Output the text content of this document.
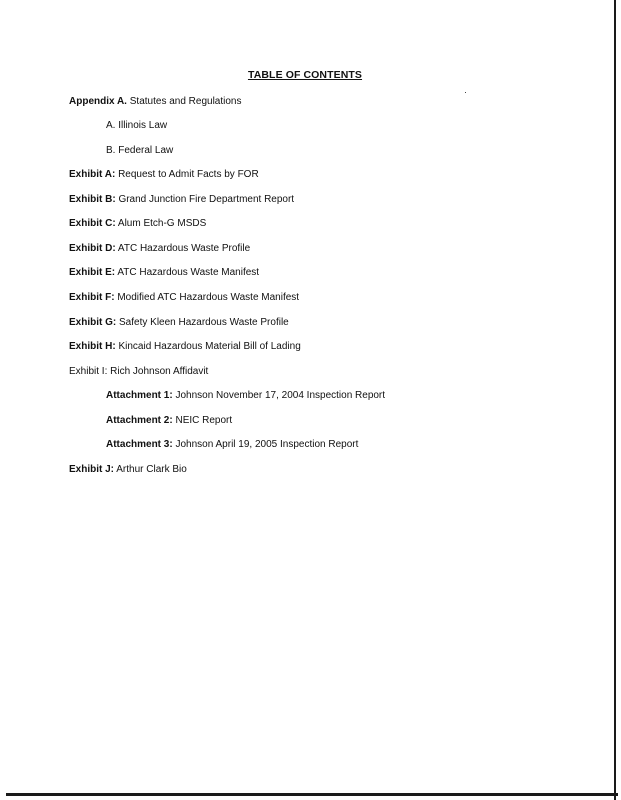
TABLE OF CONTENTS
Appendix A. Statutes and Regulations
A. Illinois Law
B. Federal Law
Exhibit A: Request to Admit Facts by FOR
Exhibit B: Grand Junction Fire Department Report
Exhibit C: Alum Etch-G MSDS
Exhibit D: ATC Hazardous Waste Profile
Exhibit E: ATC Hazardous Waste Manifest
Exhibit F: Modified ATC Hazardous Waste Manifest
Exhibit G: Safety Kleen Hazardous Waste Profile
Exhibit H: Kincaid Hazardous Material Bill of Lading
Exhibit I: Rich Johnson Affidavit
Attachment 1: Johnson November 17, 2004 Inspection Report
Attachment 2: NEIC Report
Attachment 3: Johnson April 19, 2005 Inspection Report
Exhibit J: Arthur Clark Bio
